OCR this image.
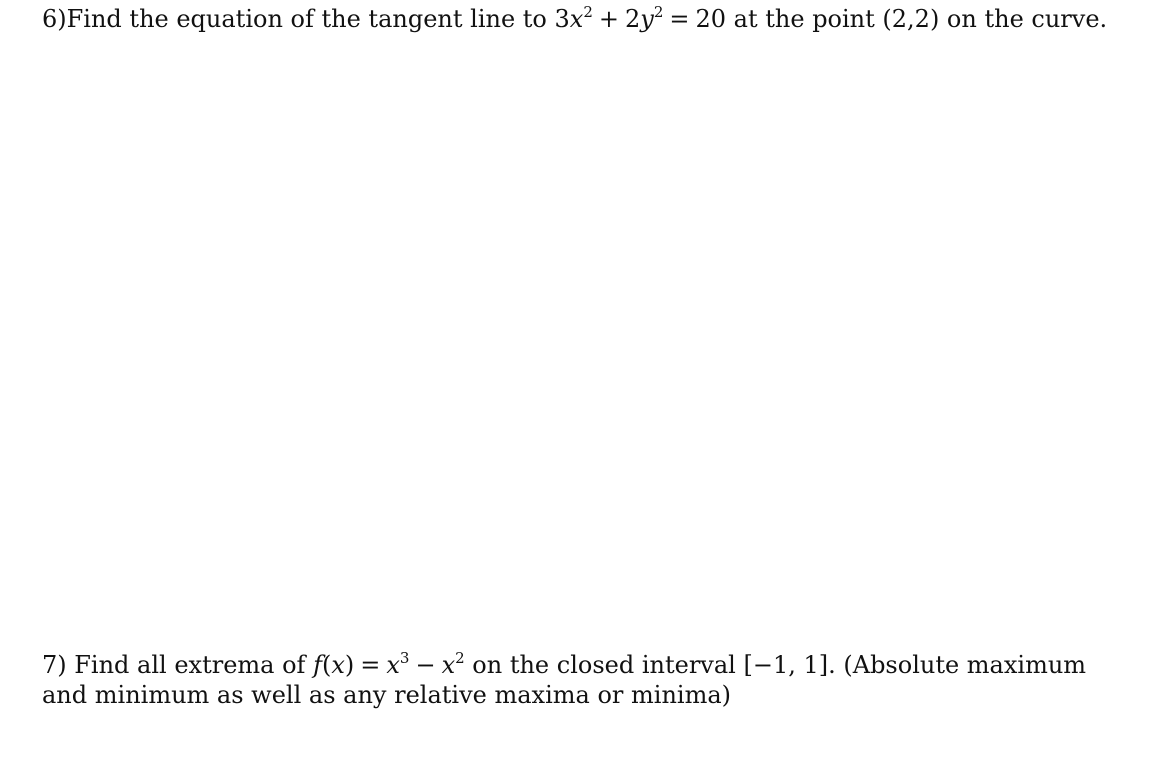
6)Find the equation of the tangent line to $3x^2 + 2y^2 = 20$ at the point (2,2) on the curve.
7) Find all extrema of $f(x) = x^3 - x^2$ on the closed interval [−1, 1]. (Absolute maximum and minimum as well as any relative maxima or minima)
